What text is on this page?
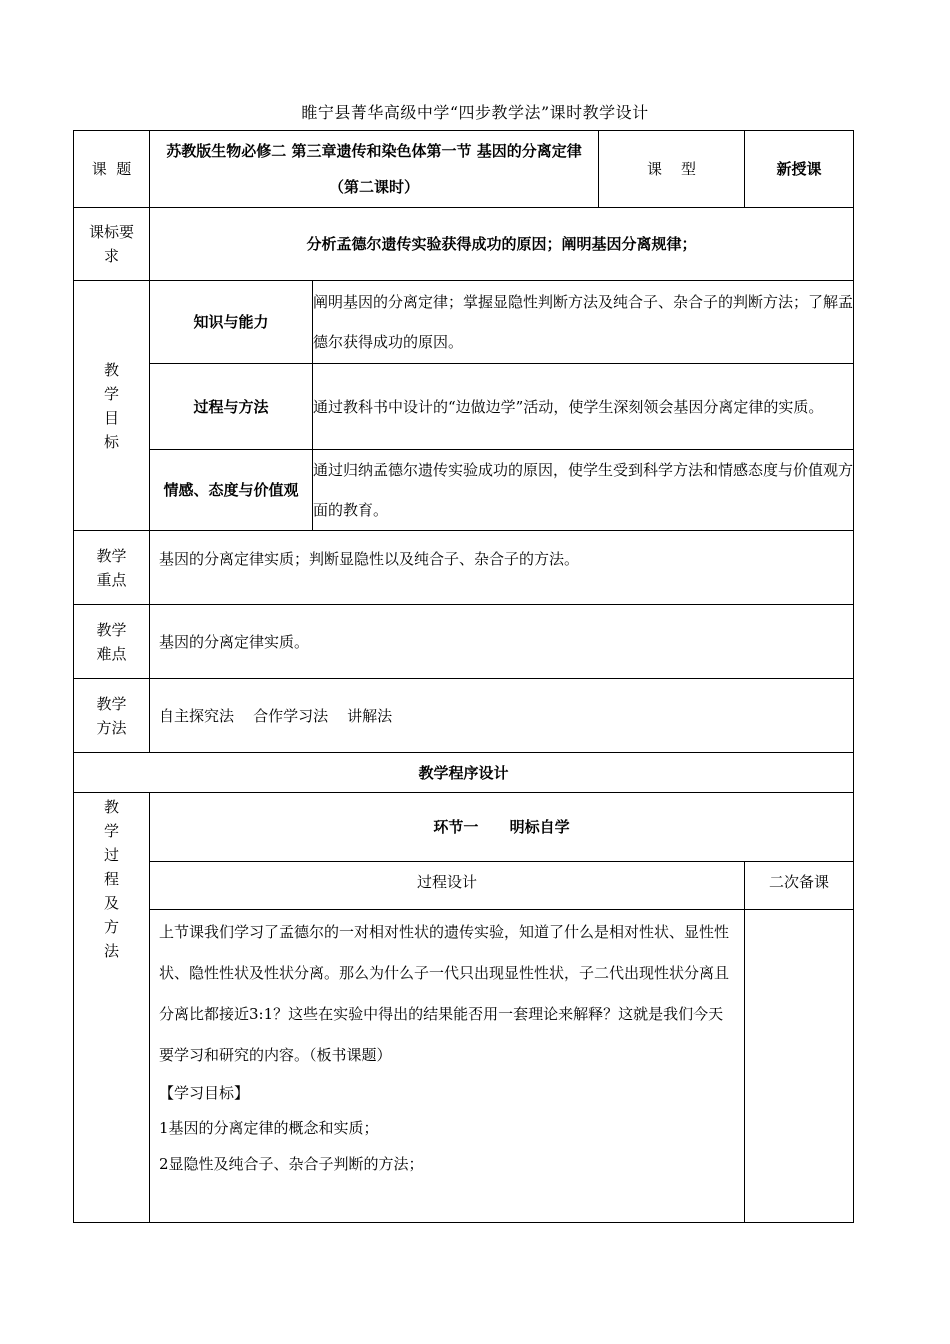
睢宁县菁华高级中学“四步教学法”课时教学设计
课  题	苏教版生物必修二 第三章遗传和染色体第一节 基因的分离定律（第二课时）		课    型	新授课
课标要求	分析孟德尔遗传实验获得成功的原因；阐明基因分离规律；			
教学目标	知识与能力	阐明基因的分离定律；掌握显隐性判断方法及纯合子、杂合子的判断方法；了解孟德尔获得成功的原因。		
	过程与方法	通过教科书中设计的“边做边学”活动，使学生深刻领会基因分离定律的实质。		
	情感、态度与价值观	通过归纳孟德尔遗传实验成功的原因，使学生受到科学方法和情感态度与价值观方面的教育。		
教学重点	基因的分离定律实质；判断显隐性以及纯合子、杂合子的方法。			
教学难点	基因的分离定律实质。			
教学方法	自主探究法    合作学习法    讲解法			
教学程序设计				
教学过程及方法	环节一      明标自学			
	过程设计			二次备课

	上节课我们学习了孟德尔的一对相对性状的遗传实验，知道了什么是相对性状、显性性状、隐性性状及性状分离。那么为什么子一代只出现显性性状，子二代出现性状分离且分离比都接近3:1？这些在实验中得出的结果能否用一套理论来解释？这就是我们今天要学习和研究的内容。（板书课题）
【学习目标】
1基因的分离定律的概念和实质；
2显隐性及纯合子、杂合子判断的方法；			
